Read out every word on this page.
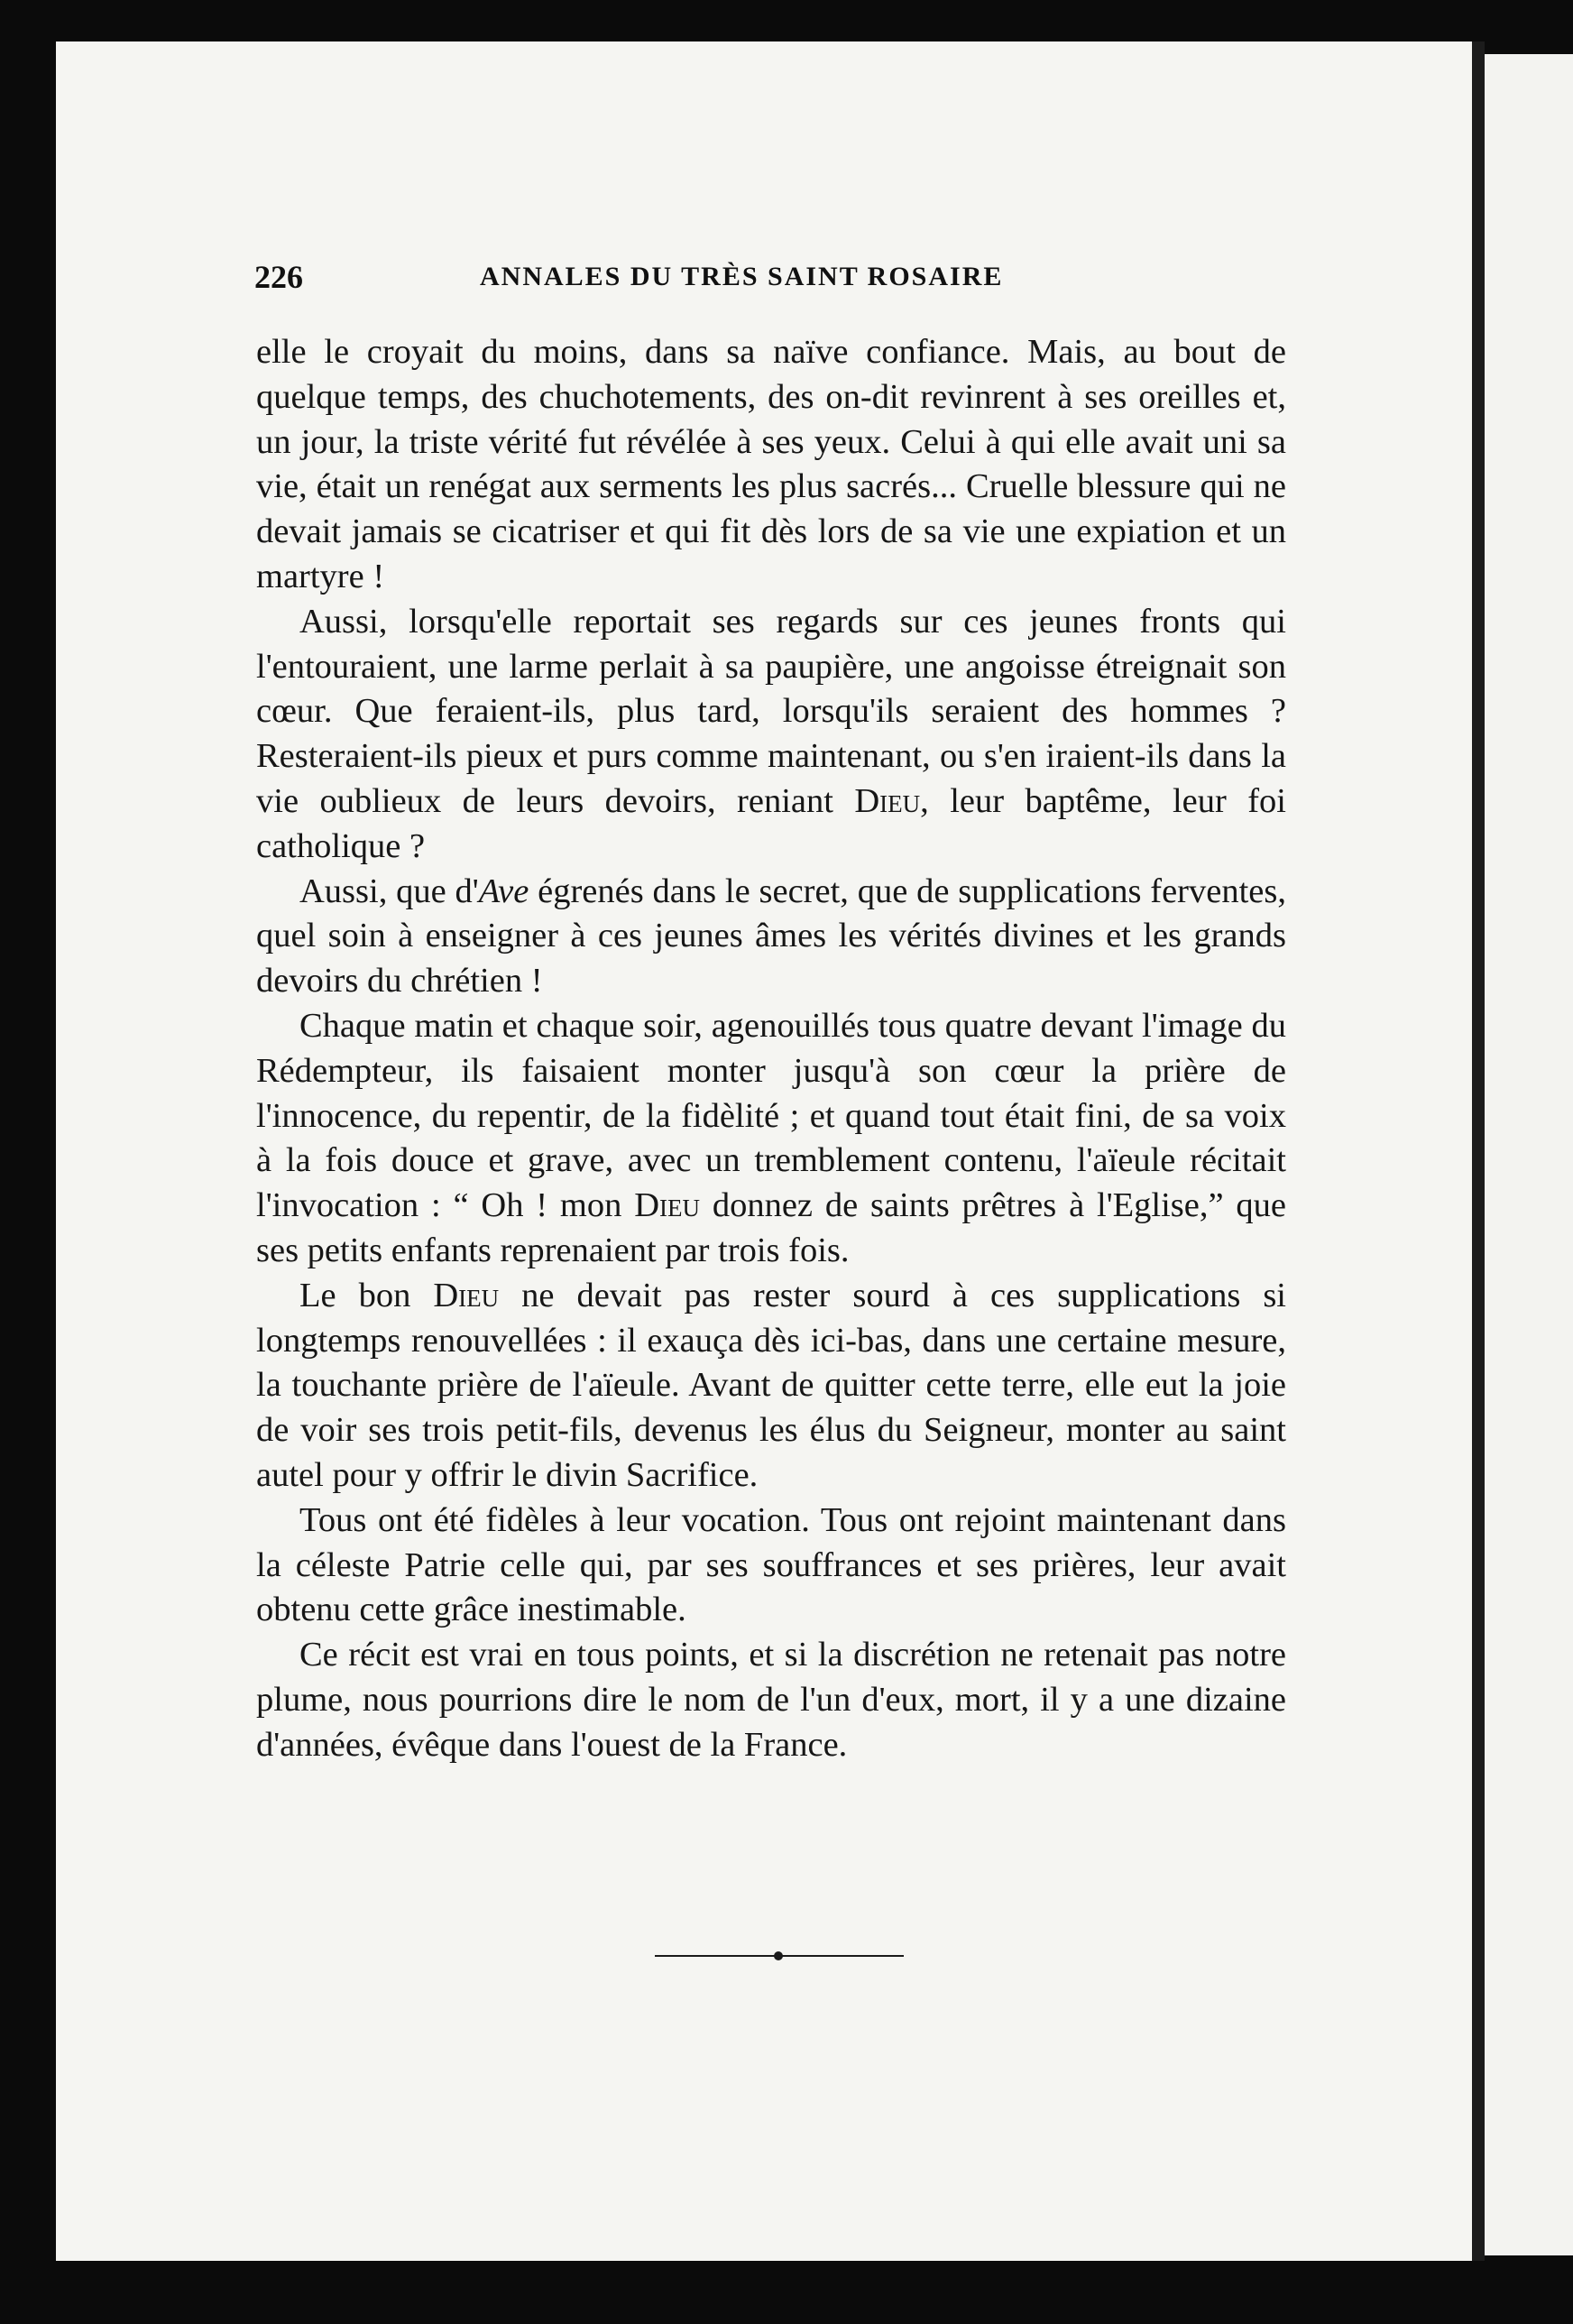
226	ANNALES DU TRÈS SAINT ROSAIRE

elle le croyait du moins, dans sa naïve confiance. Mais, au bout de quelque temps, des chuchotements, des on-dit revinrent à ses oreilles et, un jour, la triste vérité fut révélée à ses yeux. Celui à qui elle avait uni sa vie, était un renégat aux serments les plus sacrés... Cruelle blessure qui ne devait jamais se cicatriser et qui fit dès lors de sa vie une expiation et un martyre !

Aussi, lorsqu'elle reportait ses regards sur ces jeunes fronts qui l'entouraient, une larme perlait à sa paupière, une angoisse étreignait son cœur. Que feraient-ils, plus tard, lorsqu'ils seraient des hommes ? Resteraient-ils pieux et purs comme maintenant, ou s'en iraient-ils dans la vie oublieux de leurs devoirs, reniant Dieu, leur baptême, leur foi catholique ?

Aussi, que d'Ave égrenés dans le secret, que de supplications ferventes, quel soin à enseigner à ces jeunes âmes les vérités divines et les grands devoirs du chrétien !

Chaque matin et chaque soir, agenouillés tous quatre devant l'image du Rédempteur, ils faisaient monter jusqu'à son cœur la prière de l'innocence, du repentir, de la fidèlité ; et quand tout était fini, de sa voix à la fois douce et grave, avec un tremblement contenu, l'aïeule récitait l'invocation : “ Oh ! mon Dieu donnez de saints prêtres à l'Eglise,” que ses petits enfants reprenaient par trois fois.

Le bon Dieu ne devait pas rester sourd à ces supplications si longtemps renouvellées : il exauça dès ici-bas, dans une certaine mesure, la touchante prière de l'aïeule. Avant de quitter cette terre, elle eut la joie de voir ses trois petit-fils, devenus les élus du Seigneur, monter au saint autel pour y offrir le divin Sacrifice.

Tous ont été fidèles à leur vocation. Tous ont rejoint maintenant dans la céleste Patrie celle qui, par ses souffrances et ses prières, leur avait obtenu cette grâce inestimable.

Ce récit est vrai en tous points, et si la discrétion ne retenait pas notre plume, nous pourrions dire le nom de l'un d'eux, mort, il y a une dizaine d'années, évêque dans l'ouest de la France.
